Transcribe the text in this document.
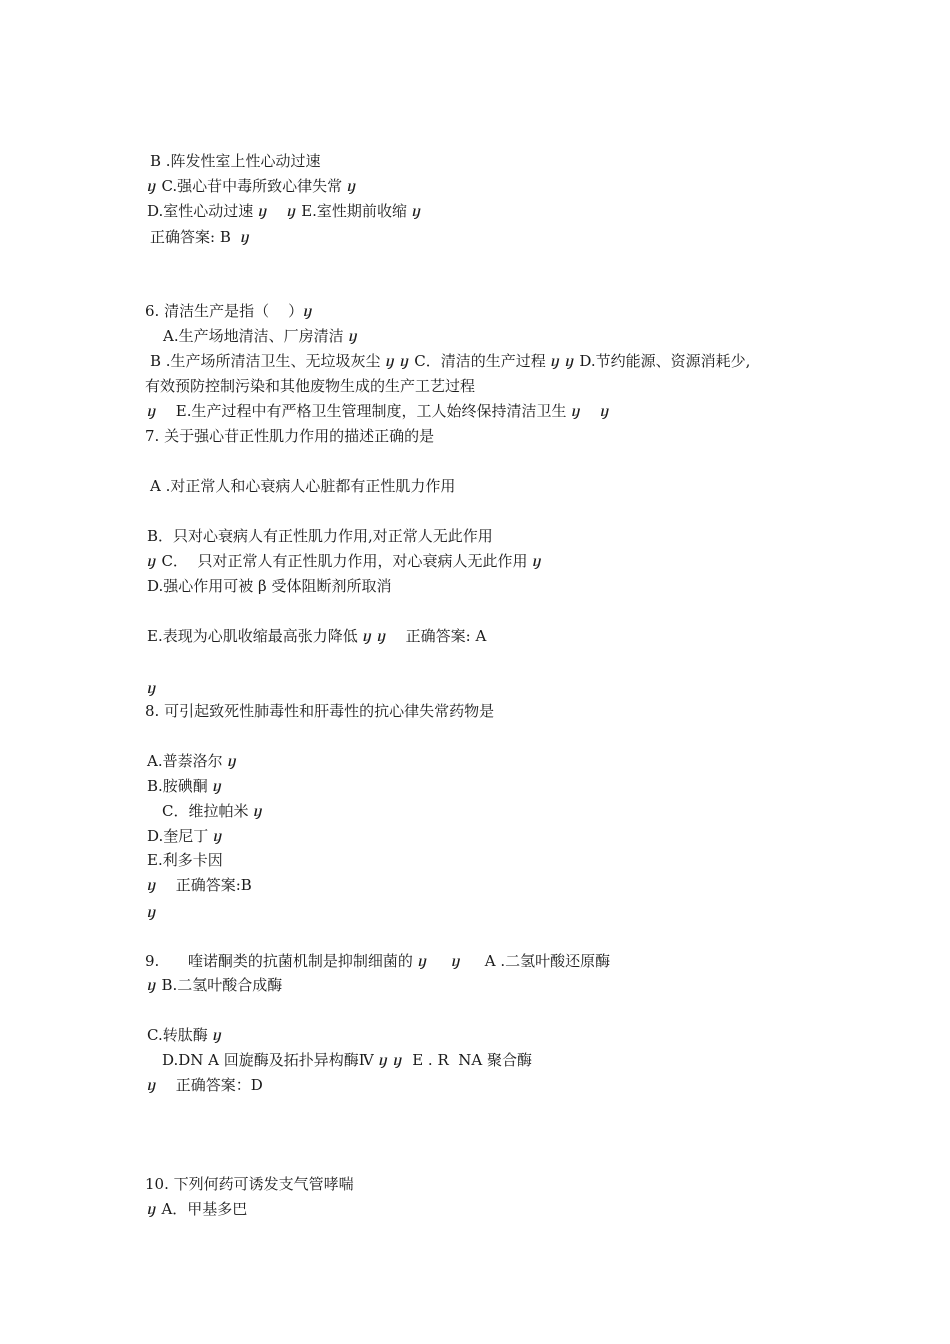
B .阵发性室上性心动过速
ⴘ C.强心苷中毒所致心律失常 ⴘ
D.室性心动过速 ⴘ    ⴘ E.室性期前收缩 ⴘ
正确答案: B  ⴘ
6. 清洁生产是指（    ）ⴘ
A.生产场地清洁、厂房清洁 ⴘ
B .生产场所清洁卫生、无垃圾灰尘 ⴘ ⴘ C．清洁的生产过程 ⴘ ⴘ D.节约能源、资源消耗少,
有效预防控制污染和其他废物生成的生产工艺过程
ⴘ    E.生产过程中有严格卫生管理制度，工人始终保持清洁卫生 ⴘ    ⴘ
7. 关于强心苷正性肌力作用的描述正确的是
A .对正常人和心衰病人心脏都有正性肌力作用
B．只对心衰病人有正性肌力作用,对正常人无此作用
ⴘ C．  只对正常人有正性肌力作用，对心衰病人无此作用 ⴘ
D.强心作用可被 β 受体阻断剂所取消
E.表现为心肌收缩最高张力降低 ⴘ ⴘ    正确答案: A
ⴘ
8. 可引起致死性肺毒性和肝毒性的抗心律失常药物是
A.普萘洛尔 ⴘ
B.胺碘酮 ⴘ
C．维拉帕米 ⴘ
D.奎尼丁 ⴘ
E.利多卡因
ⴘ    正确答案:B
ⴘ
9.      喹诺酮类的抗菌机制是抑制细菌的 ⴘ     ⴘ     A .二氢叶酸还原酶
ⴘ B.二氢叶酸合成酶
C.转肽酶 ⴘ
D.DN A 回旋酶及拓扑异构酶Ⅳ ⴘ ⴘ  E . R  NA 聚合酶
ⴘ    正确答案：D
10. 下列何药可诱发支气管哮喘
ⴘ A．甲基多巴
